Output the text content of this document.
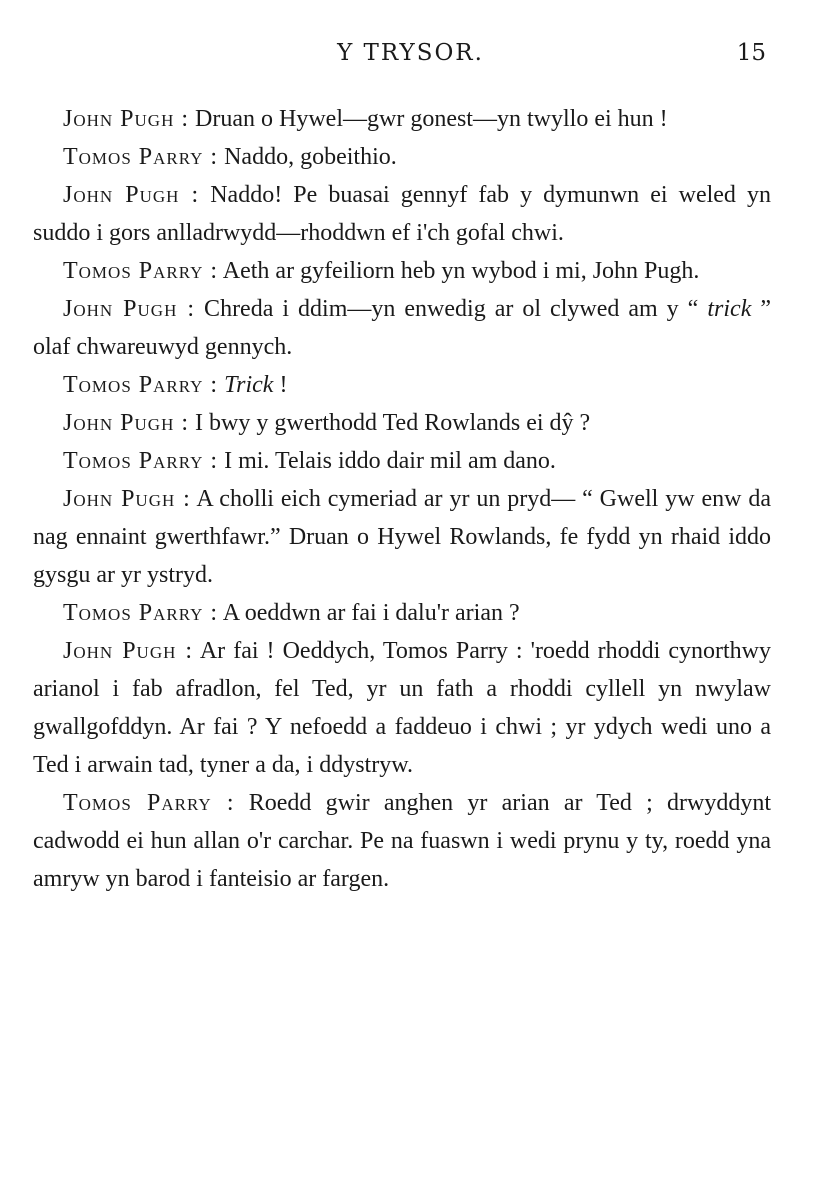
Y TRYSOR.	15

John Pugh : Druan o Hywel—gwr gonest—yn twyllo ei hun !

Tomos Parry : Naddo, gobeithio.

John Pugh : Naddo! Pe buasai gennyf fab y dymunwn ei weled yn suddo i gors anlladrwydd—rhoddwn ef i'ch gofal chwi.

Tomos Parry : Aeth ar gyfeiliorn heb yn wybod i mi, John Pugh.

John Pugh : Chreda i ddim—yn enwedig ar ol clywed am y “ trick ” olaf chwareuwyd gennych.

Tomos Parry : Trick !

John Pugh : I bwy y gwerthodd Ted Rowlands ei dŷ ?

Tomos Parry : I mi. Telais iddo dair mil am dano.

John Pugh : A cholli eich cymeriad ar yr un pryd— “ Gwell yw enw da nag ennaint gwerthfawr.” Druan o Hywel Rowlands, fe fydd yn rhaid iddo gysgu ar yr ystryd.

Tomos Parry : A oeddwn ar fai i dalu'r arian ?

John Pugh : Ar fai ! Oeddych, Tomos Parry : 'roedd rhoddi cynorthwy arianol i fab afradlon, fel Ted, yr un fath a rhoddi cyllell yn nwylaw gwallgofddyn. Ar fai ? Y nefoedd a faddeuo i chwi ; yr ydych wedi uno a Ted i arwain tad, tyner a da, i ddystryw.

Tomos Parry : Roedd gwir anghen yr arian ar Ted ; drwyddynt cadwodd ei hun allan o'r carchar. Pe na fuaswn i wedi prynu y ty, roedd yna amryw yn barod i fanteisio ar fargen.
